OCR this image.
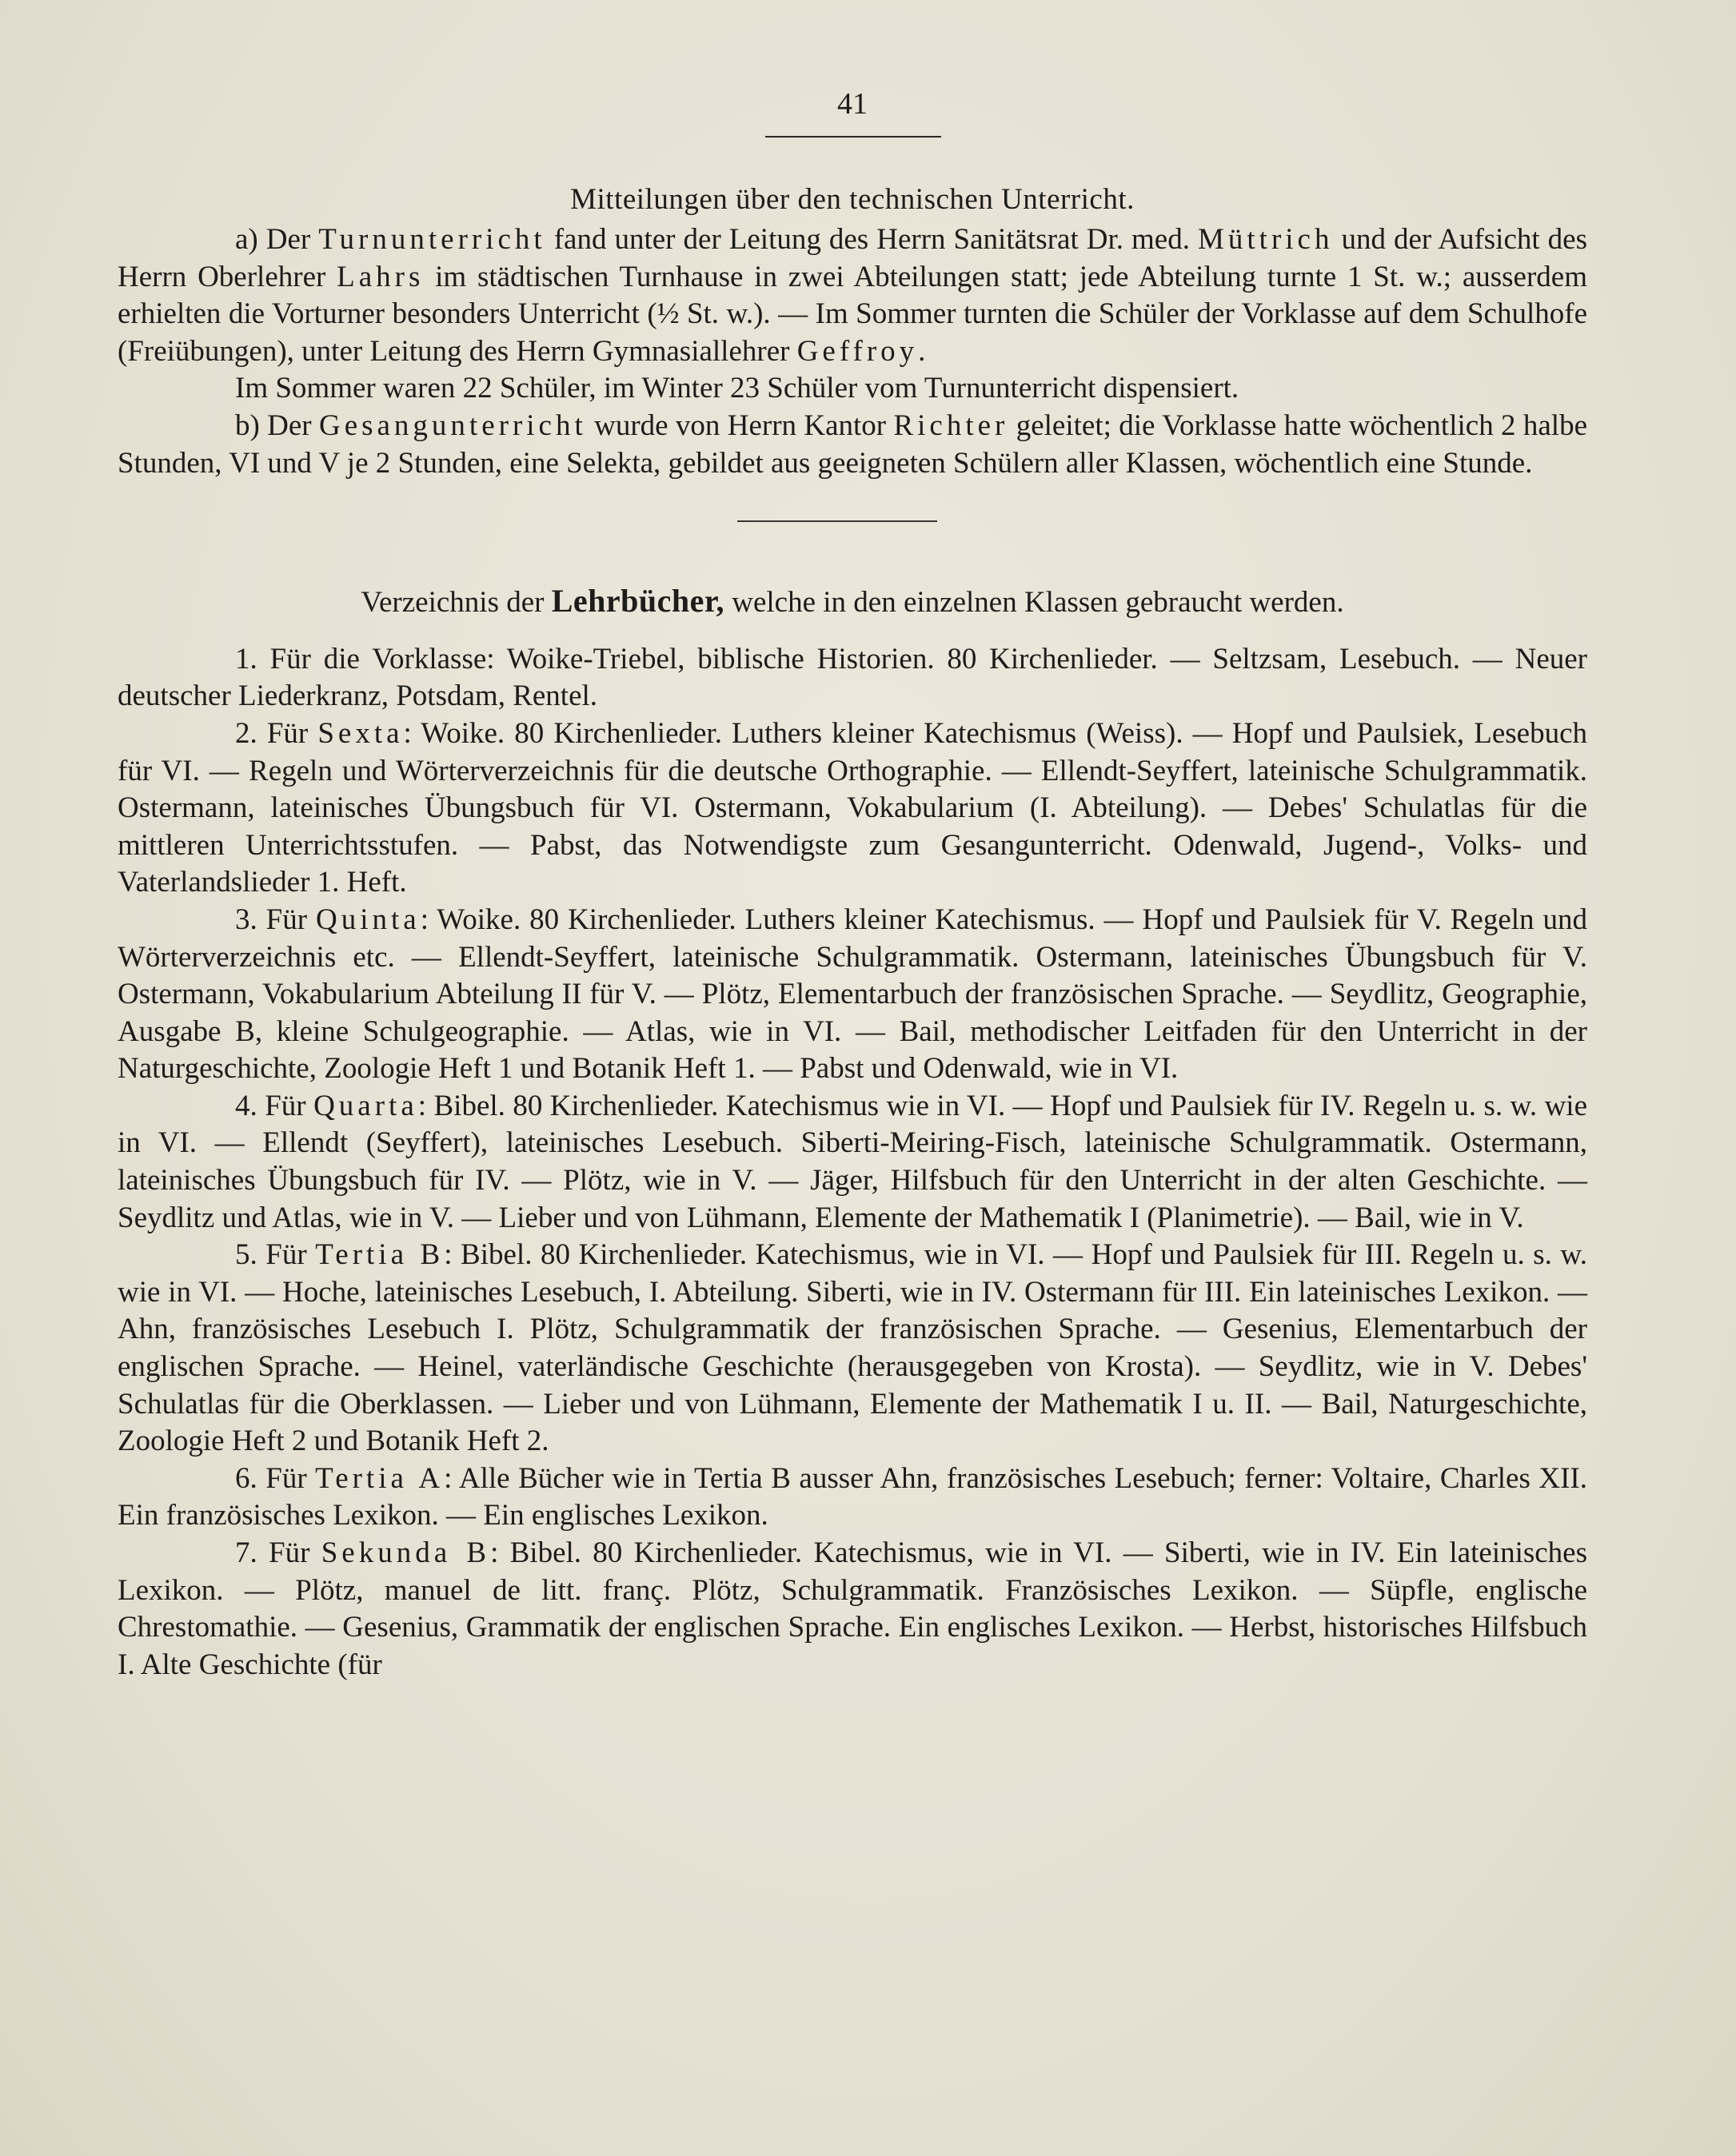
41
Mitteilungen über den technischen Unterricht.

a) Der Turnunterricht fand unter der Leitung des Herrn Sanitätsrat Dr. med. Müttrich und der Aufsicht des Herrn Oberlehrer Lahrs im städtischen Turnhause in zwei Abteilungen statt; jede Abteilung turnte 1 St. w.; ausserdem erhielten die Vorturner besonders Unterricht (½ St. w.). — Im Sommer turnten die Schüler der Vorklasse auf dem Schulhofe (Freiübungen), unter Leitung des Herrn Gymnasiallehrer Geffroy.

Im Sommer waren 22 Schüler, im Winter 23 Schüler vom Turnunterricht dispensiert.

b) Der Gesangunterricht wurde von Herrn Kantor Richter geleitet; die Vorklasse hatte wöchentlich 2 halbe Stunden, VI und V je 2 Stunden, eine Selekta, gebildet aus geeigneten Schülern aller Klassen, wöchentlich eine Stunde.

Verzeichnis der Lehrbücher, welche in den einzelnen Klassen gebraucht werden.

1. Für die Vorklasse: Woike-Triebel, biblische Historien. 80 Kirchenlieder. — Seltzsam, Lesebuch. — Neuer deutscher Liederkranz, Potsdam, Rentel.

2. Für Sexta: Woike. 80 Kirchenlieder. Luthers kleiner Katechismus (Weiss). — Hopf und Paulsiek, Lesebuch für VI. — Regeln und Wörterverzeichnis für die deutsche Orthographie. — Ellendt-Seyffert, lateinische Schulgrammatik. Ostermann, lateinisches Übungsbuch für VI. Ostermann, Vokabularium (I. Abteilung). — Debes' Schulatlas für die mittleren Unterrichtsstufen. — Pabst, das Notwendigste zum Gesangunterricht. Odenwald, Jugend-, Volks- und Vaterlandslieder 1. Heft.

3. Für Quinta: Woike. 80 Kirchenlieder. Luthers kleiner Katechismus. — Hopf und Paulsiek für V. Regeln und Wörterverzeichnis etc. — Ellendt-Seyffert, lateinische Schulgrammatik. Ostermann, lateinisches Übungsbuch für V. Ostermann, Vokabularium Abteilung II für V. — Plötz, Elementarbuch der französischen Sprache. — Seydlitz, Geographie, Ausgabe B, kleine Schulgeographie. — Atlas, wie in VI. — Bail, methodischer Leitfaden für den Unterricht in der Naturgeschichte, Zoologie Heft 1 und Botanik Heft 1. — Pabst und Odenwald, wie in VI.

4. Für Quarta: Bibel. 80 Kirchenlieder. Katechismus wie in VI. — Hopf und Paulsiek für IV. Regeln u. s. w. wie in VI. — Ellendt (Seyffert), lateinisches Lesebuch. Siberti-Meiring-Fisch, lateinische Schulgrammatik. Ostermann, lateinisches Übungsbuch für IV. — Plötz, wie in V. — Jäger, Hilfsbuch für den Unterricht in der alten Geschichte. — Seydlitz und Atlas, wie in V. — Lieber und von Lühmann, Elemente der Mathematik I (Planimetrie). — Bail, wie in V.

5. Für Tertia B: Bibel. 80 Kirchenlieder. Katechismus, wie in VI. — Hopf und Paulsiek für III. Regeln u. s. w. wie in VI. — Hoche, lateinisches Lesebuch, I. Abteilung. Siberti, wie in IV. Ostermann für III. Ein lateinisches Lexikon. — Ahn, französisches Lesebuch I. Plötz, Schulgrammatik der französischen Sprache. — Gesenius, Elementarbuch der englischen Sprache. — Heinel, vaterländische Geschichte (herausgegeben von Krosta). — Seydlitz, wie in V. Debes' Schulatlas für die Oberklassen. — Lieber und von Lühmann, Elemente der Mathematik I u. II. — Bail, Naturgeschichte, Zoologie Heft 2 und Botanik Heft 2.

6. Für Tertia A: Alle Bücher wie in Tertia B ausser Ahn, französisches Lesebuch; ferner: Voltaire, Charles XII. Ein französisches Lexikon. — Ein englisches Lexikon.

7. Für Sekunda B: Bibel. 80 Kirchenlieder. Katechismus, wie in VI. — Siberti, wie in IV. Ein lateinisches Lexikon. — Plötz, manuel de litt. franç. Plötz, Schulgrammatik. Französisches Lexikon. — Süpfle, englische Chrestomathie. — Gesenius, Grammatik der englischen Sprache. Ein englisches Lexikon. — Herbst, historisches Hilfsbuch I. Alte Geschichte (für
